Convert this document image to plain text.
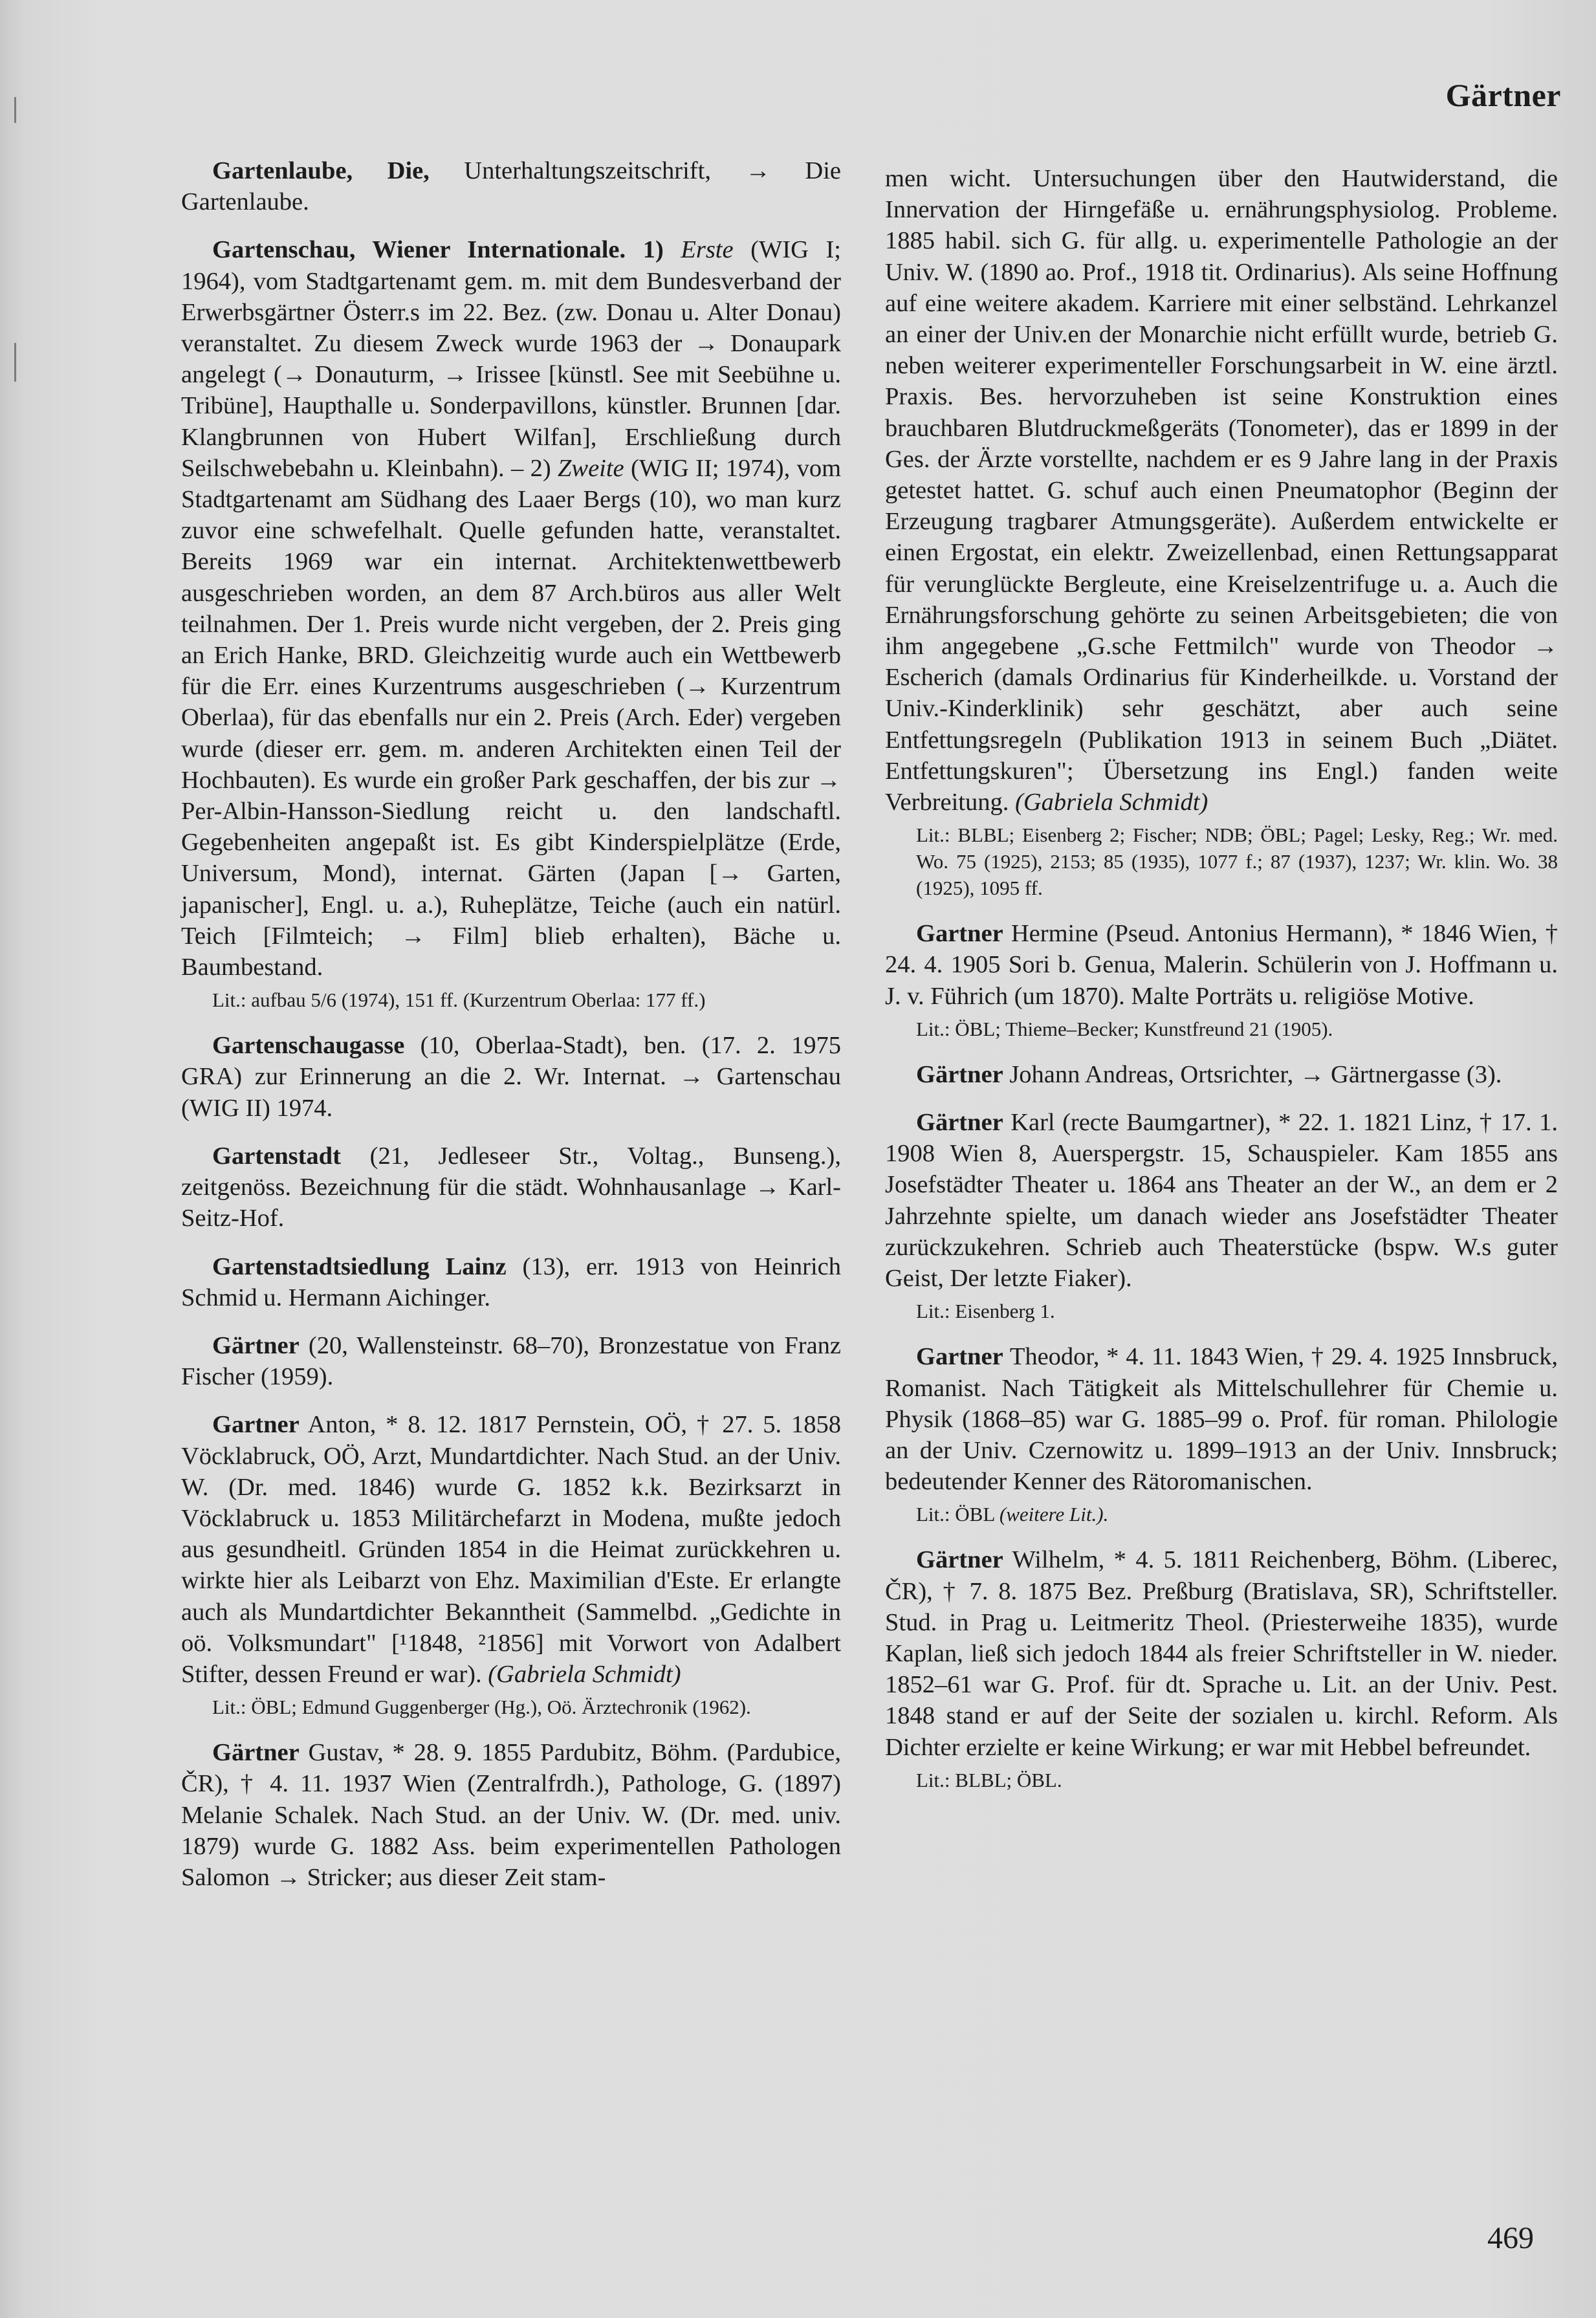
Gärtner

Gartenlaube, Die, Unterhaltungszeitschrift, → Die Gartenlaube.

Gartenschau, Wiener Internationale. 1) Erste (WIG I; 1964), vom Stadtgartenamt gem. m. mit dem Bundesverband der Erwerbsgärtner Österr.s im 22. Bez. (zw. Donau u. Alter Donau) veranstaltet. Zu diesem Zweck wurde 1963 der → Donaupark angelegt (→ Donauturm, → Irissee [künstl. See mit Seebühne u. Tribüne], Haupthalle u. Sonderpavillons, künstler. Brunnen [dar. Klangbrunnen von Hubert Wilfan], Erschließung durch Seilschwebebahn u. Kleinbahn). – 2) Zweite (WIG II; 1974), vom Stadtgartenamt am Südhang des Laaer Bergs (10), wo man kurz zuvor eine schwefelhalt. Quelle gefunden hatte, veranstaltet. Bereits 1969 war ein internat. Architektenwettbewerb ausgeschrieben worden, an dem 87 Arch.büros aus aller Welt teilnahmen. Der 1. Preis wurde nicht vergeben, der 2. Preis ging an Erich Hanke, BRD. Gleichzeitig wurde auch ein Wettbewerb für die Err. eines Kurzentrums ausgeschrieben (→ Kurzentrum Oberlaa), für das ebenfalls nur ein 2. Preis (Arch. Eder) vergeben wurde (dieser err. gem. m. anderen Architekten einen Teil der Hochbauten). Es wurde ein großer Park geschaffen, der bis zur → Per-Albin-Hansson-Siedlung reicht u. den landschaftl. Gegebenheiten angepaßt ist. Es gibt Kinderspielplätze (Erde, Universum, Mond), internat. Gärten (Japan [→ Garten, japanischer], Engl. u. a.), Ruheplätze, Teiche (auch ein natürl. Teich [Filmteich; → Film] blieb erhalten), Bäche u. Baumbestand.

Lit.: aufbau 5/6 (1974), 151 ff. (Kurzentrum Oberlaa: 177 ff.)

Gartenschaugasse (10, Oberlaa-Stadt), ben. (17. 2. 1975 GRA) zur Erinnerung an die 2. Wr. Internat. → Gartenschau (WIG II) 1974.

Gartenstadt (21, Jedleseer Str., Voltag., Bunseng.), zeitgenöss. Bezeichnung für die städt. Wohnhausanlage → Karl-Seitz-Hof.

Gartenstadtsiedlung Lainz (13), err. 1913 von Heinrich Schmid u. Hermann Aichinger.

Gärtner (20, Wallensteinstr. 68–70), Bronzestatue von Franz Fischer (1959).

Gartner Anton, * 8. 12. 1817 Pernstein, OÖ, † 27. 5. 1858 Vöcklabruck, OÖ, Arzt, Mundartdichter. Nach Stud. an der Univ. W. (Dr. med. 1846) wurde G. 1852 k.k. Bezirksarzt in Vöcklabruck u. 1853 Militärchefarzt in Modena, mußte jedoch aus gesundheitl. Gründen 1854 in die Heimat zurückkehren u. wirkte hier als Leibarzt von Ehz. Maximilian d'Este. Er erlangte auch als Mundartdichter Bekanntheit (Sammelbd. „Gedichte in oö. Volksmundart" [¹1848, ²1856] mit Vorwort von Adalbert Stifter, dessen Freund er war). (Gabriela Schmidt)

Lit.: ÖBL; Edmund Guggenberger (Hg.), Oö. Ärztechronik (1962).

Gärtner Gustav, * 28. 9. 1855 Pardubitz, Böhm. (Pardubice, ČR), † 4. 11. 1937 Wien (Zentralfrdh.), Pathologe, G. (1897) Melanie Schalek. Nach Stud. an der Univ. W. (Dr. med. univ. 1879) wurde G. 1882 Ass. beim experimentellen Pathologen Salomon → Stricker; aus dieser Zeit stam-

men wicht. Untersuchungen über den Hautwiderstand, die Innervation der Hirngefäße u. ernährungsphysiolog. Probleme. 1885 habil. sich G. für allg. u. experimentelle Pathologie an der Univ. W. (1890 ao. Prof., 1918 tit. Ordinarius). Als seine Hoffnung auf eine weitere akadem. Karriere mit einer selbständ. Lehrkanzel an einer der Univ.en der Monarchie nicht erfüllt wurde, betrieb G. neben weiterer experimenteller Forschungsarbeit in W. eine ärztl. Praxis. Bes. hervorzuheben ist seine Konstruktion eines brauchbaren Blutdruckmeßgeräts (Tonometer), das er 1899 in der Ges. der Ärzte vorstellte, nachdem er es 9 Jahre lang in der Praxis getestet hattet. G. schuf auch einen Pneumatophor (Beginn der Erzeugung tragbarer Atmungsgeräte). Außerdem entwickelte er einen Ergostat, ein elektr. Zweizellenbad, einen Rettungsapparat für verunglückte Bergleute, eine Kreiselzentrifuge u. a. Auch die Ernährungsforschung gehörte zu seinen Arbeitsgebieten; die von ihm angegebene „G.sche Fettmilch" wurde von Theodor → Escherich (damals Ordinarius für Kinderheilkde. u. Vorstand der Univ.-Kinderklinik) sehr geschätzt, aber auch seine Entfettungsregeln (Publikation 1913 in seinem Buch „Diätet. Entfettungskuren"; Übersetzung ins Engl.) fanden weite Verbreitung. (Gabriela Schmidt)

Lit.: BLBL; Eisenberg 2; Fischer; NDB; ÖBL; Pagel; Lesky, Reg.; Wr. med. Wo. 75 (1925), 2153; 85 (1935), 1077 f.; 87 (1937), 1237; Wr. klin. Wo. 38 (1925), 1095 ff.

Gartner Hermine (Pseud. Antonius Hermann), * 1846 Wien, † 24. 4. 1905 Sori b. Genua, Malerin. Schülerin von J. Hoffmann u. J. v. Führich (um 1870). Malte Porträts u. religiöse Motive.

Lit.: ÖBL; Thieme–Becker; Kunstfreund 21 (1905).

Gärtner Johann Andreas, Ortsrichter, → Gärtnergasse (3).

Gärtner Karl (recte Baumgartner), * 22. 1. 1821 Linz, † 17. 1. 1908 Wien 8, Auerspergstr. 15, Schauspieler. Kam 1855 ans Josefstädter Theater u. 1864 ans Theater an der W., an dem er 2 Jahrzehnte spielte, um danach wieder ans Josefstädter Theater zurückzukehren. Schrieb auch Theaterstücke (bspw. W.s guter Geist, Der letzte Fiaker).

Lit.: Eisenberg 1.

Gartner Theodor, * 4. 11. 1843 Wien, † 29. 4. 1925 Innsbruck, Romanist. Nach Tätigkeit als Mittelschullehrer für Chemie u. Physik (1868–85) war G. 1885–99 o. Prof. für roman. Philologie an der Univ. Czernowitz u. 1899–1913 an der Univ. Innsbruck; bedeutender Kenner des Rätoromanischen.

Lit.: ÖBL (weitere Lit.).

Gärtner Wilhelm, * 4. 5. 1811 Reichenberg, Böhm. (Liberec, ČR), † 7. 8. 1875 Bez. Preßburg (Bratislava, SR), Schriftsteller. Stud. in Prag u. Leitmeritz Theol. (Priesterweihe 1835), wurde Kaplan, ließ sich jedoch 1844 als freier Schriftsteller in W. nieder. 1852–61 war G. Prof. für dt. Sprache u. Lit. an der Univ. Pest. 1848 stand er auf der Seite der sozialen u. kirchl. Reform. Als Dichter erzielte er keine Wirkung; er war mit Hebbel befreundet.

Lit.: BLBL; ÖBL.
469
